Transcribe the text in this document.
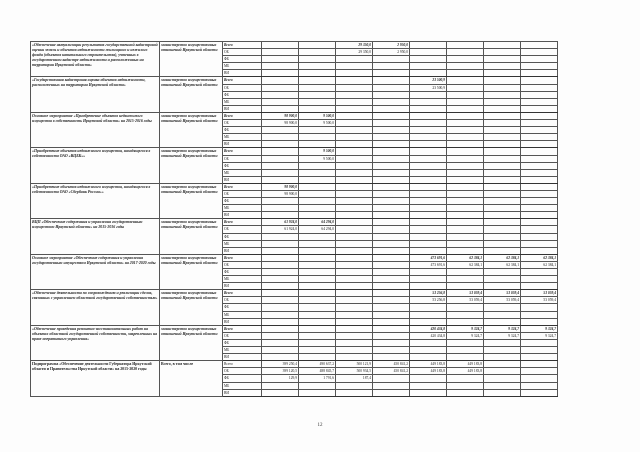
«Обеспечение актуализации результатов государственной кадастровой оценки земель и объектов недвижимости жилищного и нежилого фонда (объектов капитального строительства), учтенных в государственном кадастре недвижимости и расположенных на территории Иркутской области»	министерство имущественных отношений Иркутской области	Всего			29 350,0	2 950,0				
		ОБ			29 350,0	2 950,0				
		ФБ								
		МБ								
		ВИ								
«Государственная кадастровая оценка объектов недвижимости, расположенных на территории Иркутской области»	министерство имущественных отношений Иркутской области	Всего					23 500,9			
		ОБ					23 500,9			
		ФБ								
		МБ								
		ВИ								
Основное мероприятие «Приобретение объектов недвижимого имущества в собственность Иркутской области» на 2015-2016 годы	министерство имущественных отношений Иркутской области	Всего	98 900,0	9 500,0						
		ОБ	98 900,0	9 500,0						
		ФБ								
		МБ								
		ВИ								
«Приобретение объектов недвижимого имущества, находящегося в собственности ОАО «ВЦБК»»	министерство имущественных отношений Иркутской области	Всего		9 500,0						
		ОБ		9 500,0						
		ФБ								
		МБ								
		ВИ								
«Приобретение объектов недвижимого имущества, находящегося в собственности ОАО «Сбербанк России»»	министерство имущественных отношений Иркутской области	Всего	98 900,0							
		ОБ	98 900,0							
		ФБ								
		МБ								
		ВИ								
ВЦП «Обеспечение содержания и управления государственным имуществом Иркутской области» на 2015-2016 годы	министерство имущественных отношений Иркутской области	Всего	61 924,0	64 294,0						
		ОБ	61 924,0	64 294,0						
		ФБ								
		МБ								
		ВИ								
Основное мероприятие «Обеспечение содержания и управления государственным имуществом Иркутской области» на 2017-2020 годы	министерство имущественных отношений Иркутской области	Всего					473 691,6	62 384,1	62 384,1	62 384,1
		ОБ					473 691,6	62 384,1	62 384,1	62 384,1
		ФБ								
		МБ								
		ВИ								
«Обеспечение деятельности по сопровождению и реализации сделок, связанных с управлением областной государственной собственностью»	министерство имущественных отношений Иркутской области	Всего					53 256,8	53 059,4	53 059,4	53 059,4
		ОБ					53 256,8	53 059,4	53 059,4	53 059,4
		ФБ								
		МБ								
		ВИ								
«Обеспечение проведения ремонтно-восстановительных работ на объектах областной государственной собственности, закрепленных на праве оперативного управления»	министерство имущественных отношений Иркутской области	Всего					420 434,8	9 324,7	9 324,7	9 324,7
		ОБ					420 434,8	9 324,7	9 324,7	9 324,7
		ФБ								
		МБ								
		ВИ								
Подпрограмма «Обеспечение деятельности Губернатора Иркутской области и Правительства Иркутской области» на 2015-2020 годы	Всего, в том числе	Всего	399 250,4	490 637,2	500 121,9	450 841,2	449 183,8	449 183,8		
		ОБ	399 120,5	488 845,7	500 934,5	450 841,2	449 183,8	449 183,8		
		ФБ	129,9	1 791,6	187,4					
		МБ								
		ВИ								
12
